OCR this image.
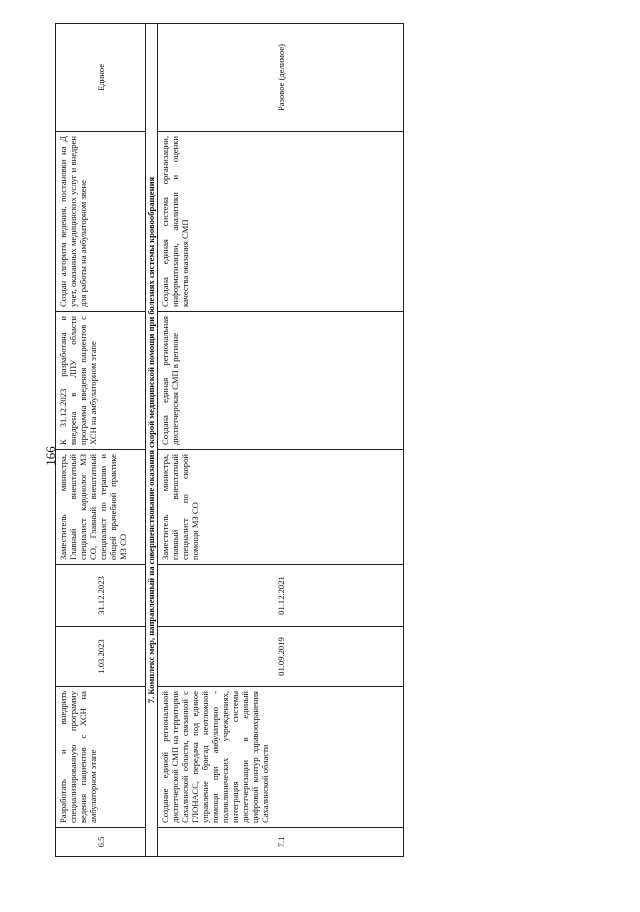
166
6.5	Разработать и внедрить специализированную программу ведения пациентов с ХСН на амбулаторном этапе	1.03.2023	31.12.2023	Заместитель министра, Главный внештатный специалист кардиолог МЗ СО, Главный внештатный специалист по терапии и общей врачебной практике МЗ СО	К 31.12.2023 разработана и внедрена в ЛПУ области программа введения пациентов с ХСН на амбулаторном этапе	Создан алгоритм ведения, постановки на Д учет, оказанных медицинских услуг и внедрен для работы на амбулаторном звене	Единое
7. Комплекс мер, направленный на совершенствование оказания скорой медицинской помощи при болезнях системы кровообращения							
7.1	Создание единой региональной диспетчерской СМП на территории Сахалинской области, связанной с ГЛОНАСС, передача под единое управление бригад неотложной помощи при амбулаторно - поликлинических учреждениях, интеграция системы диспетчеризации в единый цифровой контур здравоохранения Сахалинской области	01.09.2019	01.12.2021	Заместитель министра, главный внештатный специалист по скорой помощи МЗ СО	Создана единая региональная диспетчерская СМП в регионе	Создана единая система организации, информатизации, аналитики и оценки качества оказания СМП	Разовое (делимое)
